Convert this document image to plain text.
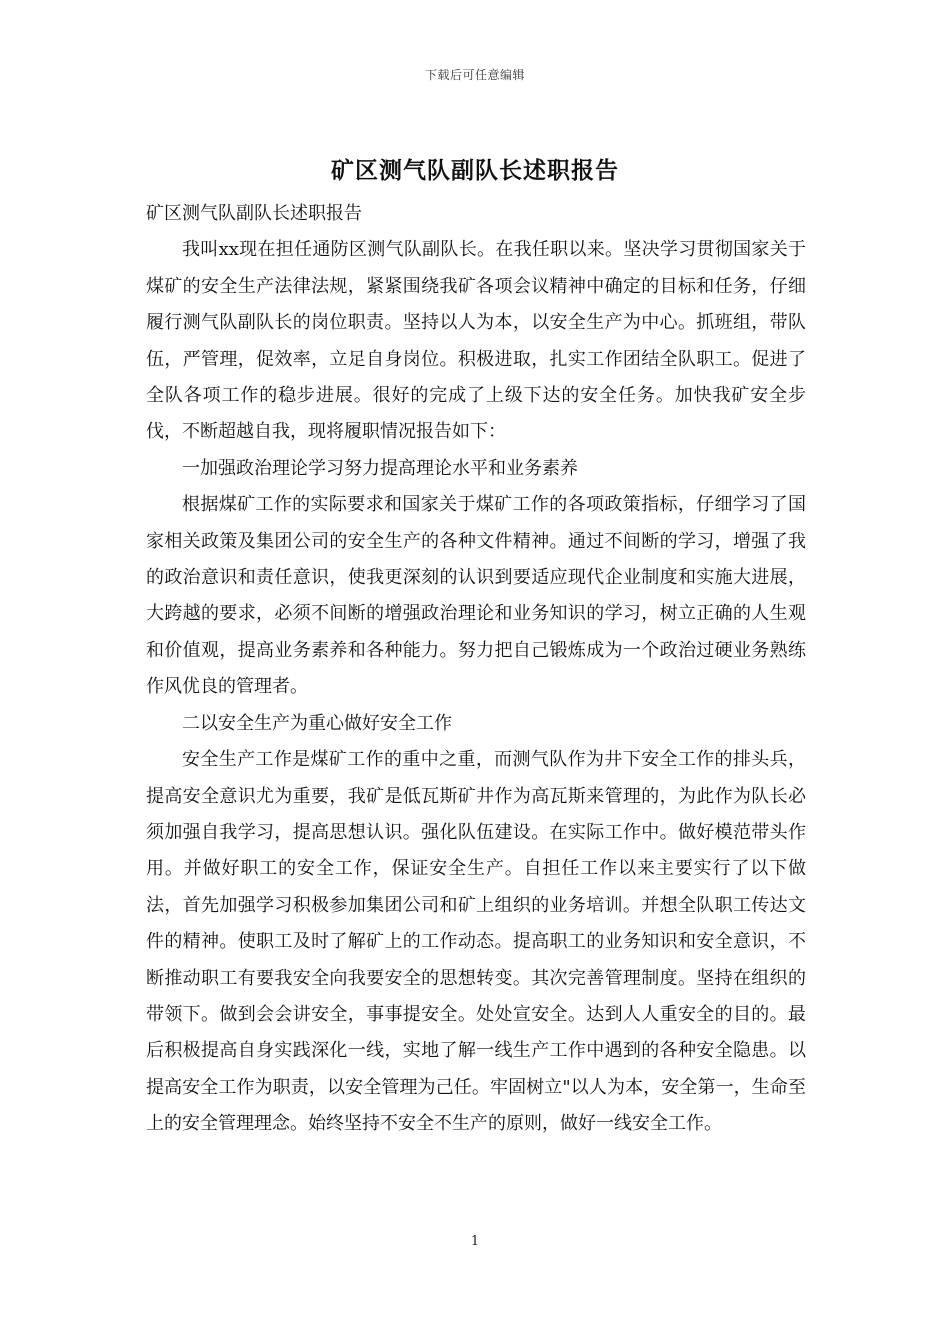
下载后可任意编辑
矿区测气队副队长述职报告

矿区测气队副队长述职报告

我叫xx现在担任通防区测气队副队长。在我任职以来。坚决学习贯彻国家关于煤矿的安全生产法律法规，紧紧围绕我矿各项会议精神中确定的目标和任务，仔细履行测气队副队长的岗位职责。坚持以人为本，以安全生产为中心。抓班组，带队伍，严管理，促效率，立足自身岗位。积极进取，扎实工作团结全队职工。促进了全队各项工作的稳步进展。很好的完成了上级下达的安全任务。加快我矿安全步伐，不断超越自我，现将履职情况报告如下：

一加强政治理论学习努力提高理论水平和业务素养

根据煤矿工作的实际要求和国家关于煤矿工作的各项政策指标，仔细学习了国家相关政策及集团公司的安全生产的各种文件精神。通过不间断的学习，增强了我的政治意识和责任意识，使我更深刻的认识到要适应现代企业制度和实施大进展，大跨越的要求，必须不间断的增强政治理论和业务知识的学习，树立正确的人生观和价值观，提高业务素养和各种能力。努力把自己锻炼成为一个政治过硬业务熟练作风优良的管理者。

二以安全生产为重心做好安全工作

安全生产工作是煤矿工作的重中之重，而测气队作为井下安全工作的排头兵，提高安全意识尤为重要，我矿是低瓦斯矿井作为高瓦斯来管理的，为此作为队长必须加强自我学习，提高思想认识。强化队伍建设。在实际工作中。做好模范带头作用。并做好职工的安全工作，保证安全生产。自担任工作以来主要实行了以下做法，首先加强学习积极参加集团公司和矿上组织的业务培训。并想全队职工传达文件的精神。使职工及时了解矿上的工作动态。提高职工的业务知识和安全意识，不断推动职工有要我安全向我要安全的思想转变。其次完善管理制度。坚持在组织的带领下。做到会会讲安全，事事提安全。处处宣安全。达到人人重安全的目的。最后积极提高自身实践深化一线，实地了解一线生产工作中遇到的各种安全隐患。以提高安全工作为职责，以安全管理为己任。牢固树立"以人为本，安全第一，生命至上的安全管理理念。始终坚持不安全不生产的原则，做好一线安全工作。

1
